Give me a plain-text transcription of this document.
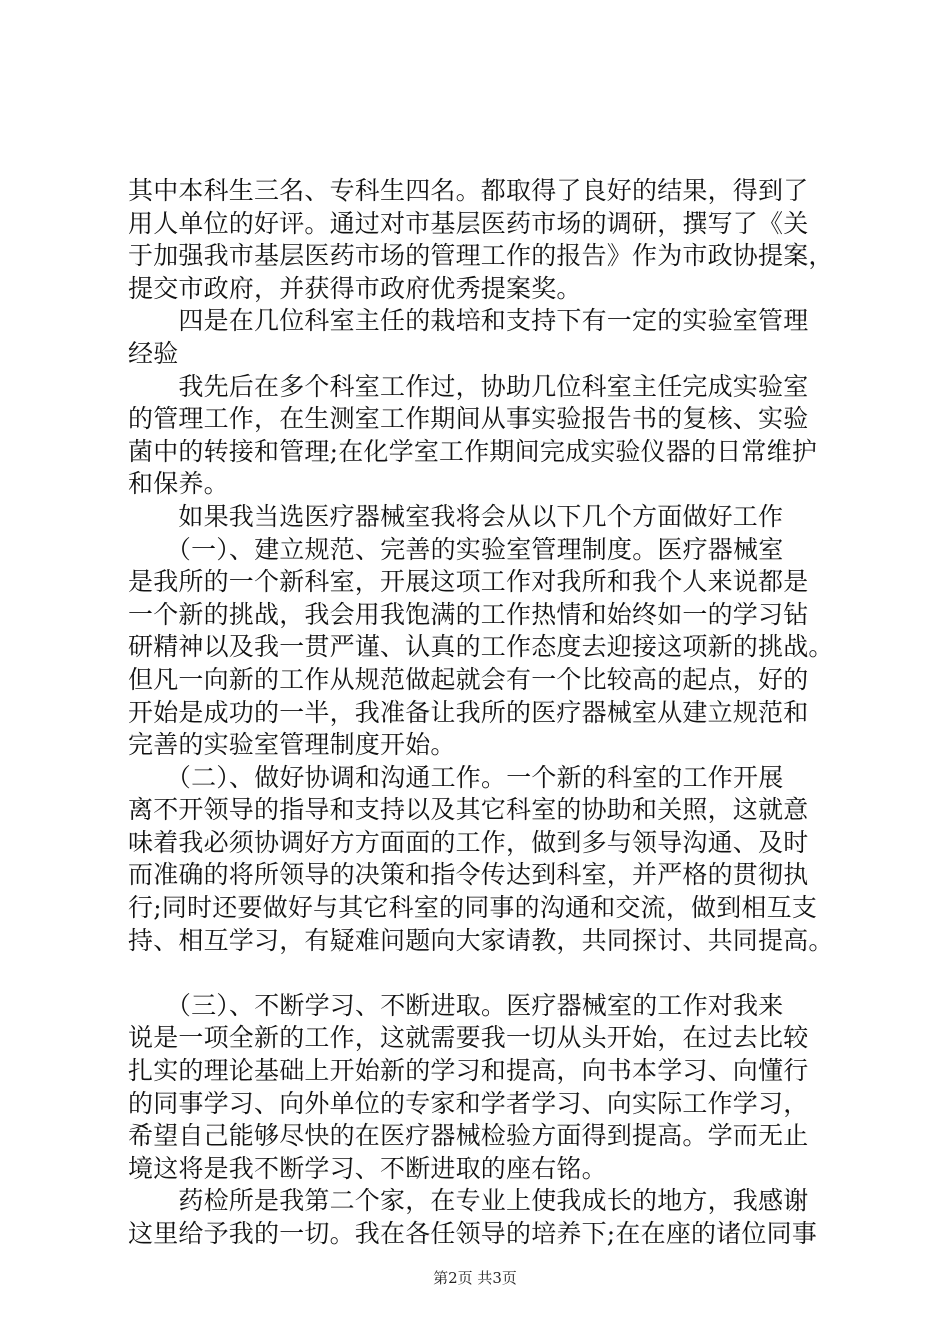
其中本科生三名、专科生四名。都取得了良好的结果，得到了
用人单位的好评。通过对市基层医药市场的调研，撰写了《关
于加强我市基层医药市场的管理工作的报告》作为市政协提案，
提交市政府，并获得市政府优秀提案奖。
　　四是在几位科室主任的栽培和支持下有一定的实验室管理
经验
　　我先后在多个科室工作过，协助几位科室主任完成实验室
的管理工作，在生测室工作期间从事实验报告书的复核、实验
菌中的转接和管理;在化学室工作期间完成实验仪器的日常维护
和保养。
　　如果我当选医疗器械室我将会从以下几个方面做好工作
　　（一）、建立规范、完善的实验室管理制度。医疗器械室
是我所的一个新科室，开展这项工作对我所和我个人来说都是
一个新的挑战，我会用我饱满的工作热情和始终如一的学习钻
研精神以及我一贯严谨、认真的工作态度去迎接这项新的挑战。
但凡一向新的工作从规范做起就会有一个比较高的起点，好的
开始是成功的一半，我准备让我所的医疗器械室从建立规范和
完善的实验室管理制度开始。
　　（二）、做好协调和沟通工作。一个新的科室的工作开展
离不开领导的指导和支持以及其它科室的协助和关照，这就意
味着我必须协调好方方面面的工作，做到多与领导沟通、及时
而准确的将所领导的决策和指令传达到科室，并严格的贯彻执
行;同时还要做好与其它科室的同事的沟通和交流，做到相互支
持、相互学习，有疑难问题向大家请教，共同探讨、共同提高。
　　（三）、不断学习、不断进取。医疗器械室的工作对我来
说是一项全新的工作，这就需要我一切从头开始，在过去比较
扎实的理论基础上开始新的学习和提高，向书本学习、向懂行
的同事学习、向外单位的专家和学者学习、向实际工作学习，
希望自己能够尽快的在医疗器械检验方面得到提高。学而无止
境这将是我不断学习、不断进取的座右铭。
　　药检所是我第二个家，在专业上使我成长的地方，我感谢
这里给予我的一切。我在各任领导的培养下;在在座的诸位同事
第2页 共3页
